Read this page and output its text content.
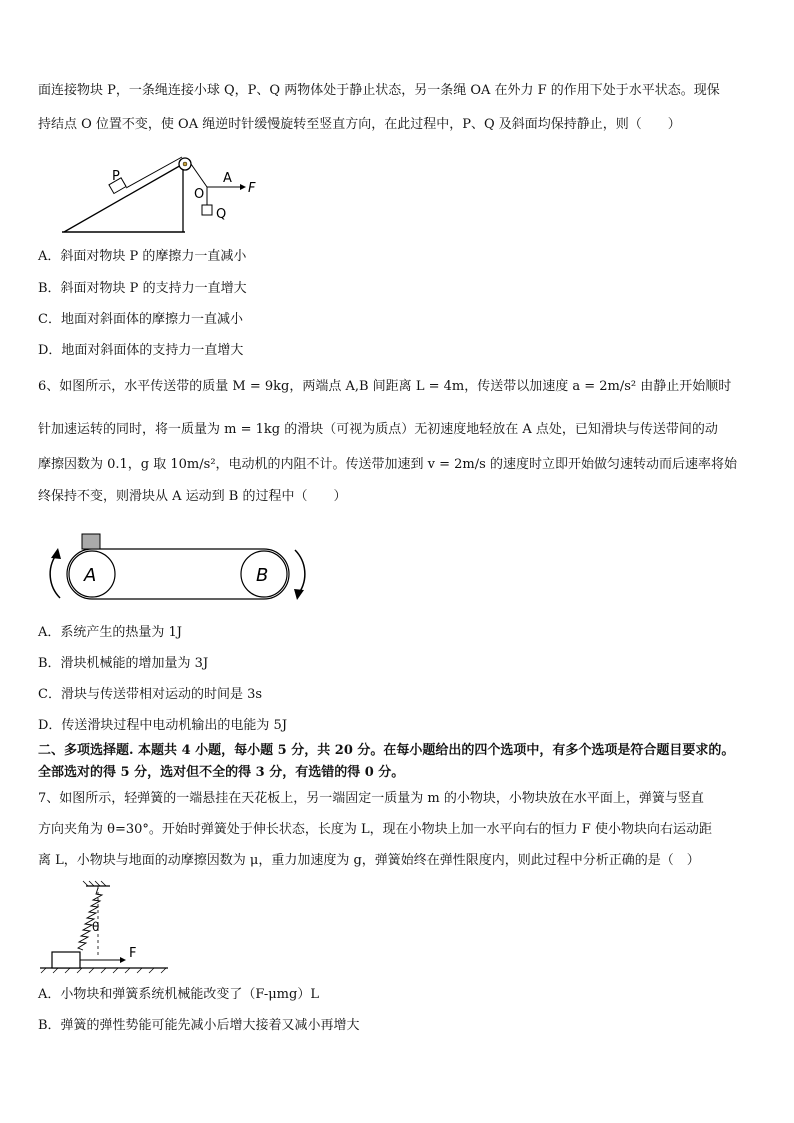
面连接物块 P，一条绳连接小球 Q，P、Q 两物体处于静止状态，另一条绳 OA 在外力 F 的作用下处于水平状态。现保
持结点 O 位置不变，使 OA 绳逆时针缓慢旋转至竖直方向，在此过程中，P、Q 及斜面均保持静止，则（　　）
P
Q
O
A
F
A．斜面对物块 P 的摩擦力一直减小
B．斜面对物块 P 的支持力一直增大
C．地面对斜面体的摩擦力一直减小
D．地面对斜面体的支持力一直增大
6、如图所示，水平传送带的质量 M = 9kg，两端点 A,B 间距离 L = 4m，传送带以加速度 a = 2m/s² 由静止开始顺时
针加速运转的同时，将一质量为 m = 1kg 的滑块（可视为质点）无初速度地轻放在 A 点处，已知滑块与传送带间的动
摩擦因数为 0.1，g 取 10m/s²，电动机的内阻不计。传送带加速到 v = 2m/s 的速度时立即开始做匀速转动而后速率将始
终保持不变，则滑块从 A 运动到 B 的过程中（　　）
A	B
A．系统产生的热量为 1J
B．滑块机械能的增加量为 3J
C．滑块与传送带相对运动的时间是 3s
D．传送滑块过程中电动机输出的电能为 5J
二、多项选择题. 本题共 4 小题，每小题 5 分，共 20 分。在每小题给出的四个选项中，有多个选项是符合题目要求的。
全部选对的得 5 分，选对但不全的得 3 分，有选错的得 0 分。
7、如图所示，轻弹簧的一端悬挂在天花板上，另一端固定一质量为 m 的小物块，小物块放在水平面上，弹簧与竖直
方向夹角为 θ=30°。开始时弹簧处于伸长状态，长度为 L，现在小物块上加一水平向右的恒力 F 使小物块向右运动距
离 L，小物块与地面的动摩擦因数为 μ，重力加速度为 g，弹簧始终在弹性限度内，则此过程中分析正确的是（　）
θ
F
A．小物块和弹簧系统机械能改变了（F-μmg）L
B．弹簧的弹性势能可能先减小后增大接着又减小再增大
